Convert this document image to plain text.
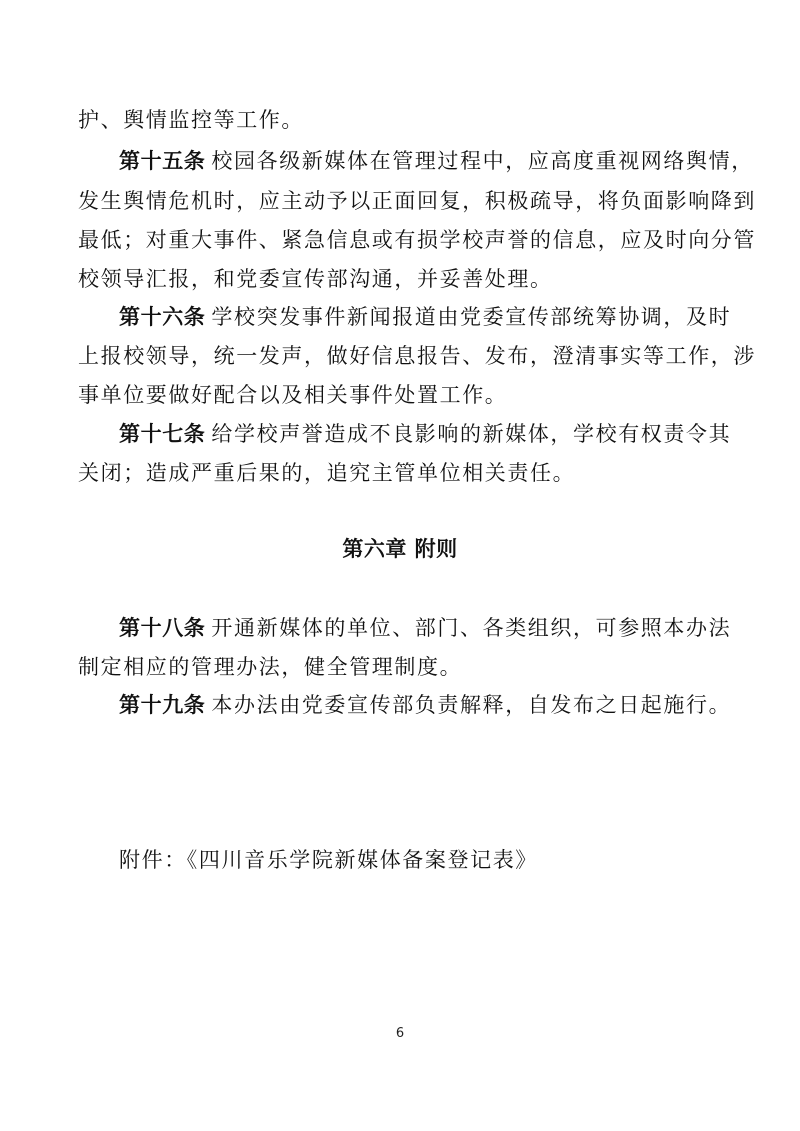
护、舆情监控等工作。
第十五条 校园各级新媒体在管理过程中，应高度重视网络舆情，
发生舆情危机时，应主动予以正面回复，积极疏导，将负面影响降到
最低；对重大事件、紧急信息或有损学校声誉的信息，应及时向分管
校领导汇报，和党委宣传部沟通，并妥善处理。
第十六条 学校突发事件新闻报道由党委宣传部统筹协调，及时
上报校领导，统一发声，做好信息报告、发布，澄清事实等工作，涉
事单位要做好配合以及相关事件处置工作。
第十七条 给学校声誉造成不良影响的新媒体，学校有权责令其
关闭；造成严重后果的，追究主管单位相关责任。
第六章 附则
第十八条 开通新媒体的单位、部门、各类组织，可参照本办法
制定相应的管理办法，健全管理制度。
第十九条 本办法由党委宣传部负责解释，自发布之日起施行。
附件：《四川音乐学院新媒体备案登记表》
6
